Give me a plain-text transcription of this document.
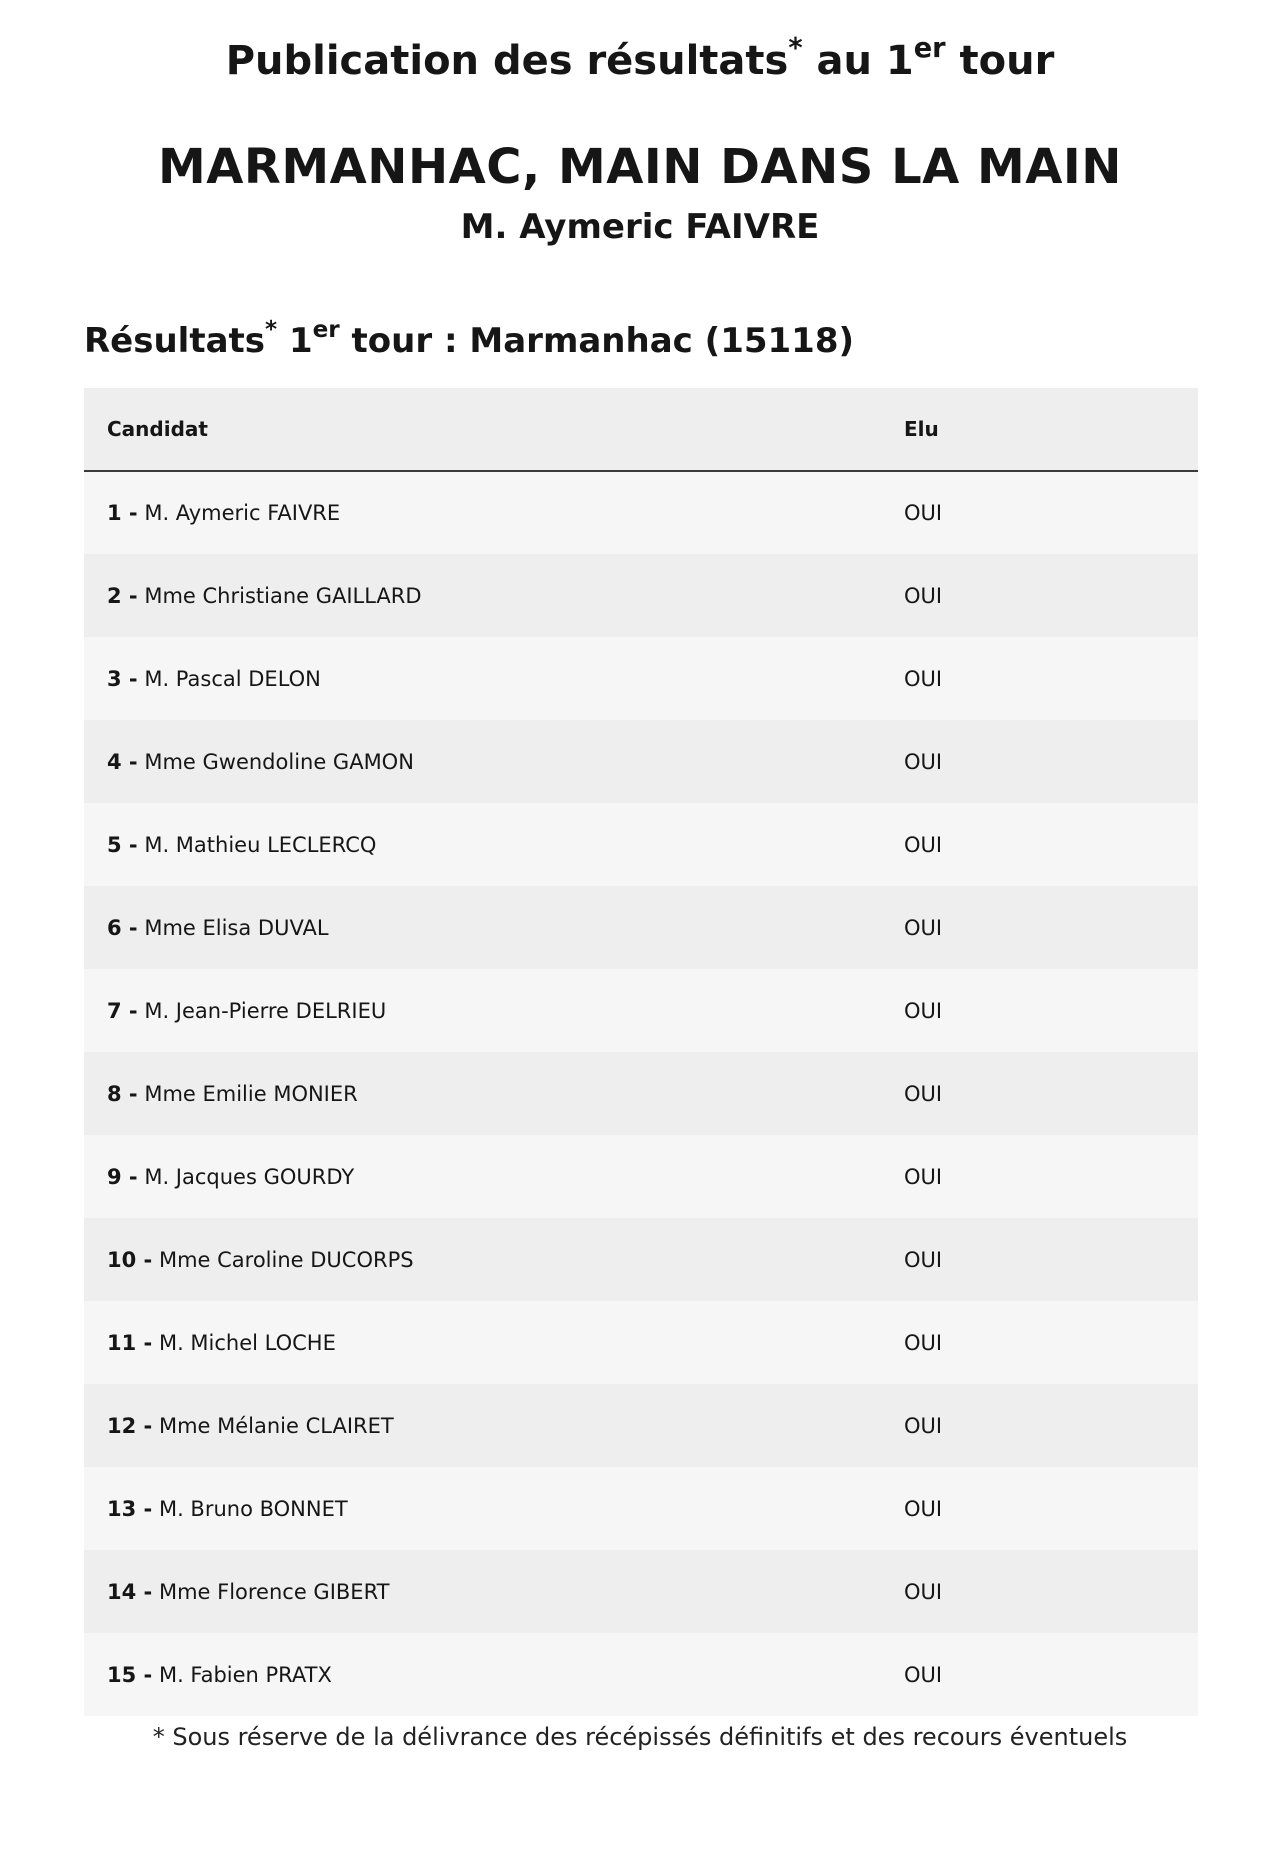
Publication des résultats* au 1er tour
MARMANHAC, MAIN DANS LA MAIN
M. Aymeric FAIVRE
Résultats* 1er tour : Marmanhac (15118)
Candidat	Elu
1 - M. Aymeric FAIVRE	OUI
2 - Mme Christiane GAILLARD	OUI
3 - M. Pascal DELON	OUI
4 - Mme Gwendoline GAMON	OUI
5 - M. Mathieu LECLERCQ	OUI
6 - Mme Elisa DUVAL	OUI
7 - M. Jean-Pierre DELRIEU	OUI
8 - Mme Emilie MONIER	OUI
9 - M. Jacques GOURDY	OUI
10 - Mme Caroline DUCORPS	OUI
11 - M. Michel LOCHE	OUI
12 - Mme Mélanie CLAIRET	OUI
13 - M. Bruno BONNET	OUI
14 - Mme Florence GIBERT	OUI
15 - M. Fabien PRATX	OUI
* Sous réserve de la délivrance des récépissés définitifs et des recours éventuels
